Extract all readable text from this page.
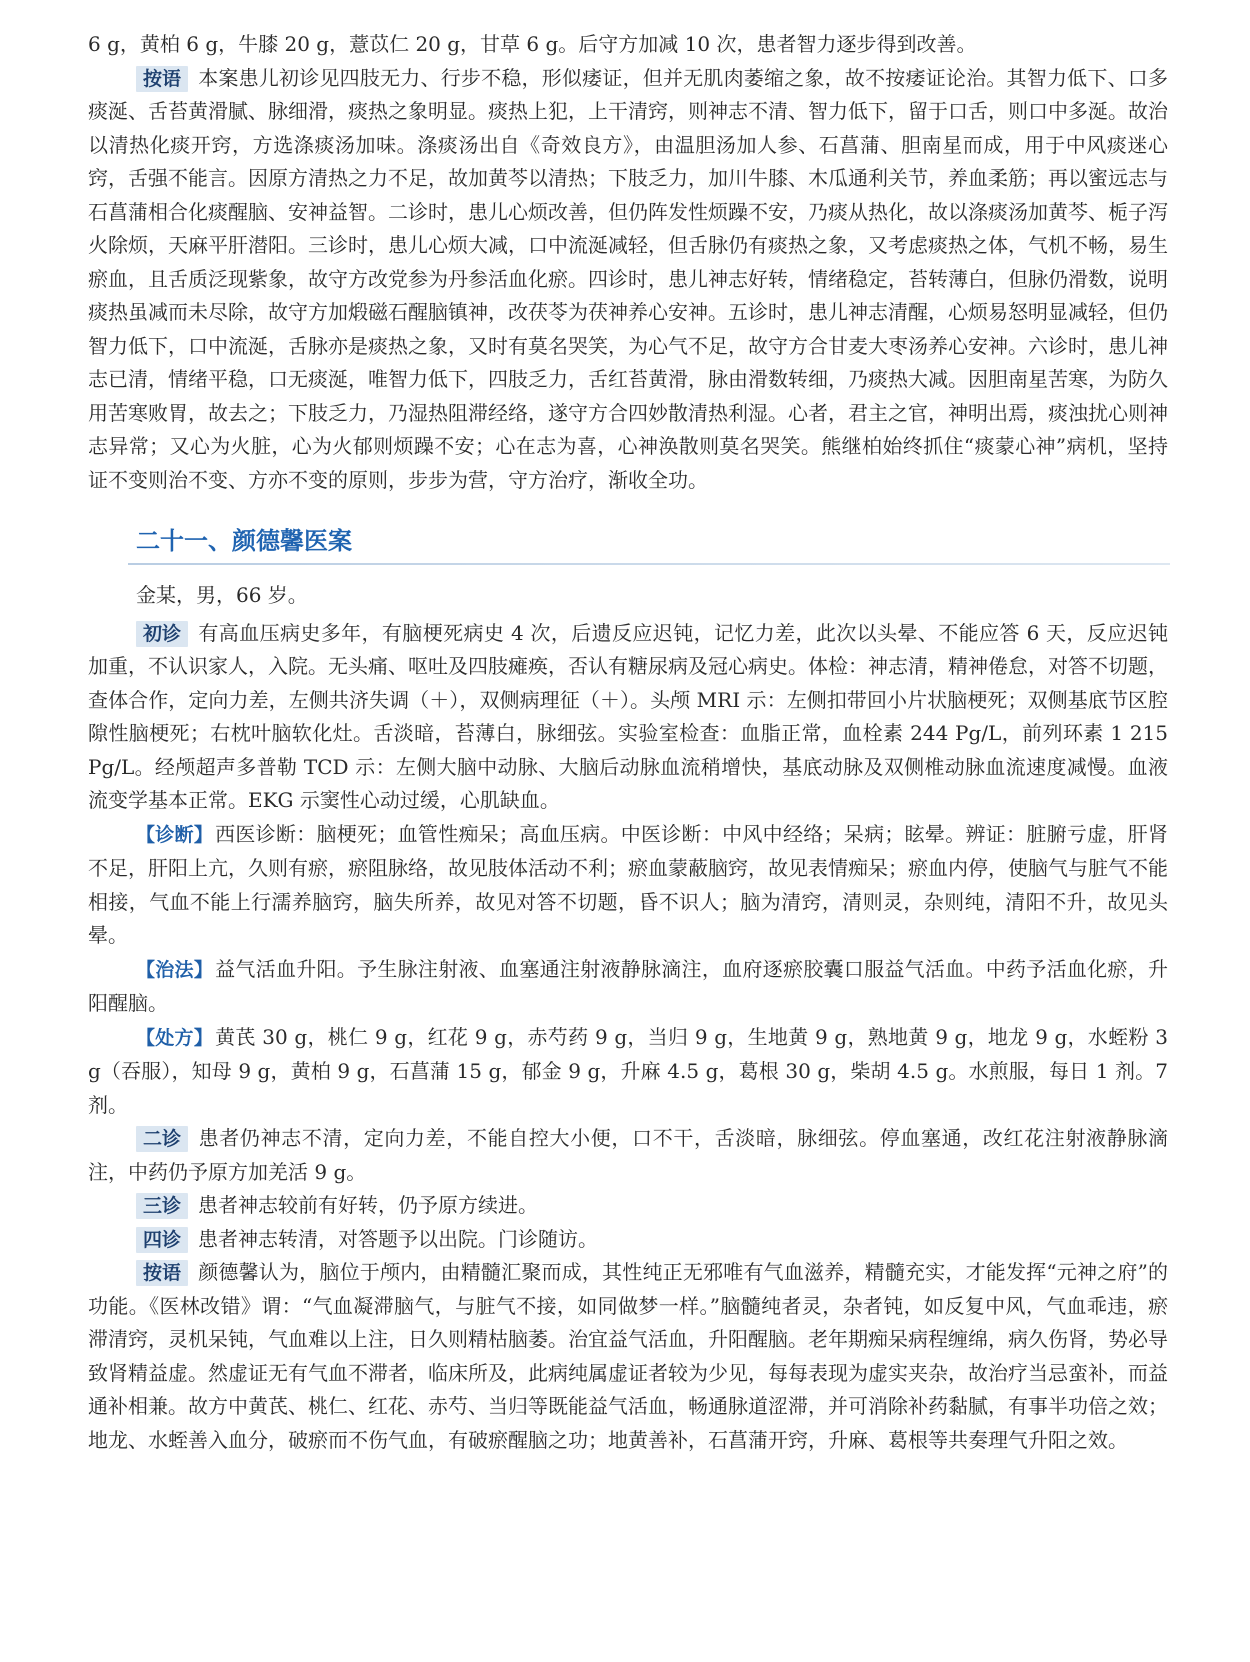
6 g，黄柏 6 g，牛膝 20 g，薏苡仁 20 g，甘草 6 g。后守方加减 10 次，患者智力逐步得到改善。

按语 本案患儿初诊见四肢无力、行步不稳，形似痿证，但并无肌肉萎缩之象，故不按痿证论治。其智力低下、口多痰涎、舌苔黄滑腻、脉细滑，痰热之象明显。痰热上犯，上干清窍，则神志不清、智力低下，留于口舌，则口中多涎。故治以清热化痰开窍，方选涤痰汤加味。涤痰汤出自《奇效良方》，由温胆汤加人参、石菖蒲、胆南星而成，用于中风痰迷心窍，舌强不能言。因原方清热之力不足，故加黄芩以清热；下肢乏力，加川牛膝、木瓜通利关节，养血柔筋；再以蜜远志与石菖蒲相合化痰醒脑、安神益智。二诊时，患儿心烦改善，但仍阵发性烦躁不安，乃痰从热化，故以涤痰汤加黄芩、栀子泻火除烦，天麻平肝潜阳。三诊时，患儿心烦大减，口中流涎减轻，但舌脉仍有痰热之象，又考虑痰热之体，气机不畅，易生瘀血，且舌质泛现紫象，故守方改党参为丹参活血化瘀。四诊时，患儿神志好转，情绪稳定，苔转薄白，但脉仍滑数，说明痰热虽减而未尽除，故守方加煅磁石醒脑镇神，改茯苓为茯神养心安神。五诊时，患儿神志清醒，心烦易怒明显减轻，但仍智力低下，口中流涎，舌脉亦是痰热之象，又时有莫名哭笑，为心气不足，故守方合甘麦大枣汤养心安神。六诊时，患儿神志已清，情绪平稳，口无痰涎，唯智力低下，四肢乏力，舌红苔黄滑，脉由滑数转细，乃痰热大减。因胆南星苦寒，为防久用苦寒败胃，故去之；下肢乏力，乃湿热阻滞经络，遂守方合四妙散清热利湿。心者，君主之官，神明出焉，痰浊扰心则神志异常；又心为火脏，心为火郁则烦躁不安；心在志为喜，心神涣散则莫名哭笑。熊继柏始终抓住“痰蒙心神”病机，坚持证不变则治不变、方亦不变的原则，步步为营，守方治疗，渐收全功。

二十一、颜德馨医案

金某，男，66 岁。

初诊 有高血压病史多年，有脑梗死病史 4 次，后遗反应迟钝，记忆力差，此次以头晕、不能应答 6 天，反应迟钝加重，不认识家人，入院。无头痛、呕吐及四肢瘫痪，否认有糖尿病及冠心病史。体检：神志清，精神倦怠，对答不切题，查体合作，定向力差，左侧共济失调（＋），双侧病理征（＋）。头颅 MRI 示：左侧扣带回小片状脑梗死；双侧基底节区腔隙性脑梗死；右枕叶脑软化灶。舌淡暗，苔薄白，脉细弦。实验室检查：血脂正常，血栓素 244 Pg/L，前列环素 1 215 Pg/L。经颅超声多普勒 TCD 示：左侧大脑中动脉、大脑后动脉血流稍增快，基底动脉及双侧椎动脉血流速度减慢。血液流变学基本正常。EKG 示窦性心动过缓，心肌缺血。

【诊断】 西医诊断：脑梗死；血管性痴呆；高血压病。中医诊断：中风中经络；呆病；眩晕。辨证：脏腑亏虚，肝肾不足，肝阳上亢，久则有瘀，瘀阻脉络，故见肢体活动不利；瘀血蒙蔽脑窍，故见表情痴呆；瘀血内停，使脑气与脏气不能相接，气血不能上行濡养脑窍，脑失所养，故见对答不切题，昏不识人；脑为清窍，清则灵，杂则纯，清阳不升，故见头晕。

【治法】 益气活血升阳。予生脉注射液、血塞通注射液静脉滴注，血府逐瘀胶囊口服益气活血。中药予活血化瘀，升阳醒脑。

【处方】 黄芪 30 g，桃仁 9 g，红花 9 g，赤芍药 9 g，当归 9 g，生地黄 9 g，熟地黄 9 g，地龙 9 g，水蛭粉 3 g（吞服），知母 9 g，黄柏 9 g，石菖蒲 15 g，郁金 9 g，升麻 4.5 g，葛根 30 g，柴胡 4.5 g。水煎服，每日 1 剂。7 剂。

二诊 患者仍神志不清，定向力差，不能自控大小便，口不干，舌淡暗，脉细弦。停血塞通，改红花注射液静脉滴注，中药仍予原方加羌活 9 g。

三诊 患者神志较前有好转，仍予原方续进。

四诊 患者神志转清，对答题予以出院。门诊随访。

按语 颜德馨认为，脑位于颅内，由精髓汇聚而成，其性纯正无邪唯有气血滋养，精髓充实，才能发挥“元神之府”的功能。《医林改错》谓：“气血凝滞脑气，与脏气不接，如同做梦一样。”脑髓纯者灵，杂者钝，如反复中风，气血乖违，瘀滞清窍，灵机呆钝，气血难以上注，日久则精枯脑萎。治宜益气活血，升阳醒脑。老年期痴呆病程缠绵，病久伤肾，势必导致肾精益虚。然虚证无有气血不滞者，临床所及，此病纯属虚证者较为少见，每每表现为虚实夹杂，故治疗当忌蛮补，而益通补相兼。故方中黄芪、桃仁、红花、赤芍、当归等既能益气活血，畅通脉道涩滞，并可消除补药黏腻，有事半功倍之效；地龙、水蛭善入血分，破瘀而不伤气血，有破瘀醒脑之功；地黄善补，石菖蒲开窍，升麻、葛根等共奏理气升阳之效。
